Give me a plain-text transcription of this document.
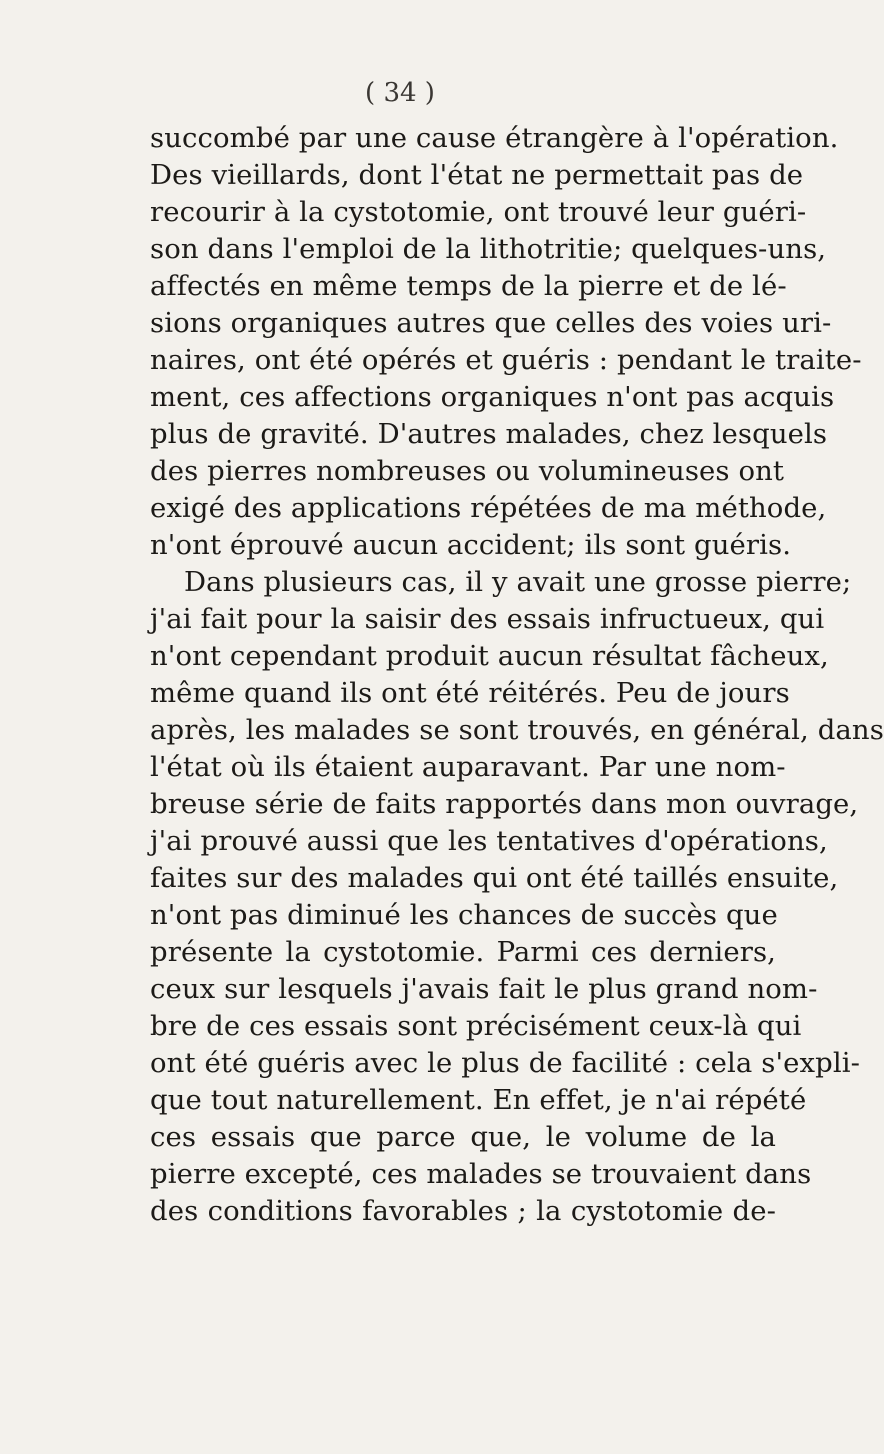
( 34 )
succombé par une cause étrangère à l'opération.
Des vieillards, dont l'état ne permettait pas de
recourir à la cystotomie, ont trouvé leur guéri-
son dans l'emploi de la lithotritie; quelques-uns,
affectés en même temps de la pierre et de lé-
sions organiques autres que celles des voies uri-
naires, ont été opérés et guéris : pendant le traite-
ment, ces affections organiques n'ont pas acquis
plus de gravité. D'autres malades, chez lesquels
des pierres nombreuses ou volumineuses ont
exigé des applications répétées de ma méthode,
n'ont éprouvé aucun accident; ils sont guéris.
Dans plusieurs cas, il y avait une grosse pierre;
j'ai fait pour la saisir des essais infructueux, qui
n'ont cependant produit aucun résultat fâcheux,
même quand ils ont été réitérés. Peu de jours
après, les malades se sont trouvés, en général, dans
l'état où ils étaient auparavant. Par une nom-
breuse série de faits rapportés dans mon ouvrage,
j'ai prouvé aussi que les tentatives d'opérations,
faites sur des malades qui ont été taillés ensuite,
n'ont pas diminué les chances de succès que
présente la cystotomie. Parmi ces derniers,
ceux sur lesquels j'avais fait le plus grand nom-
bre de ces essais sont précisément ceux-là qui
ont été guéris avec le plus de facilité : cela s'expli-
que tout naturellement. En effet, je n'ai répété
ces essais que parce que, le volume de la
pierre excepté, ces malades se trouvaient dans
des conditions favorables ; la cystotomie de-
